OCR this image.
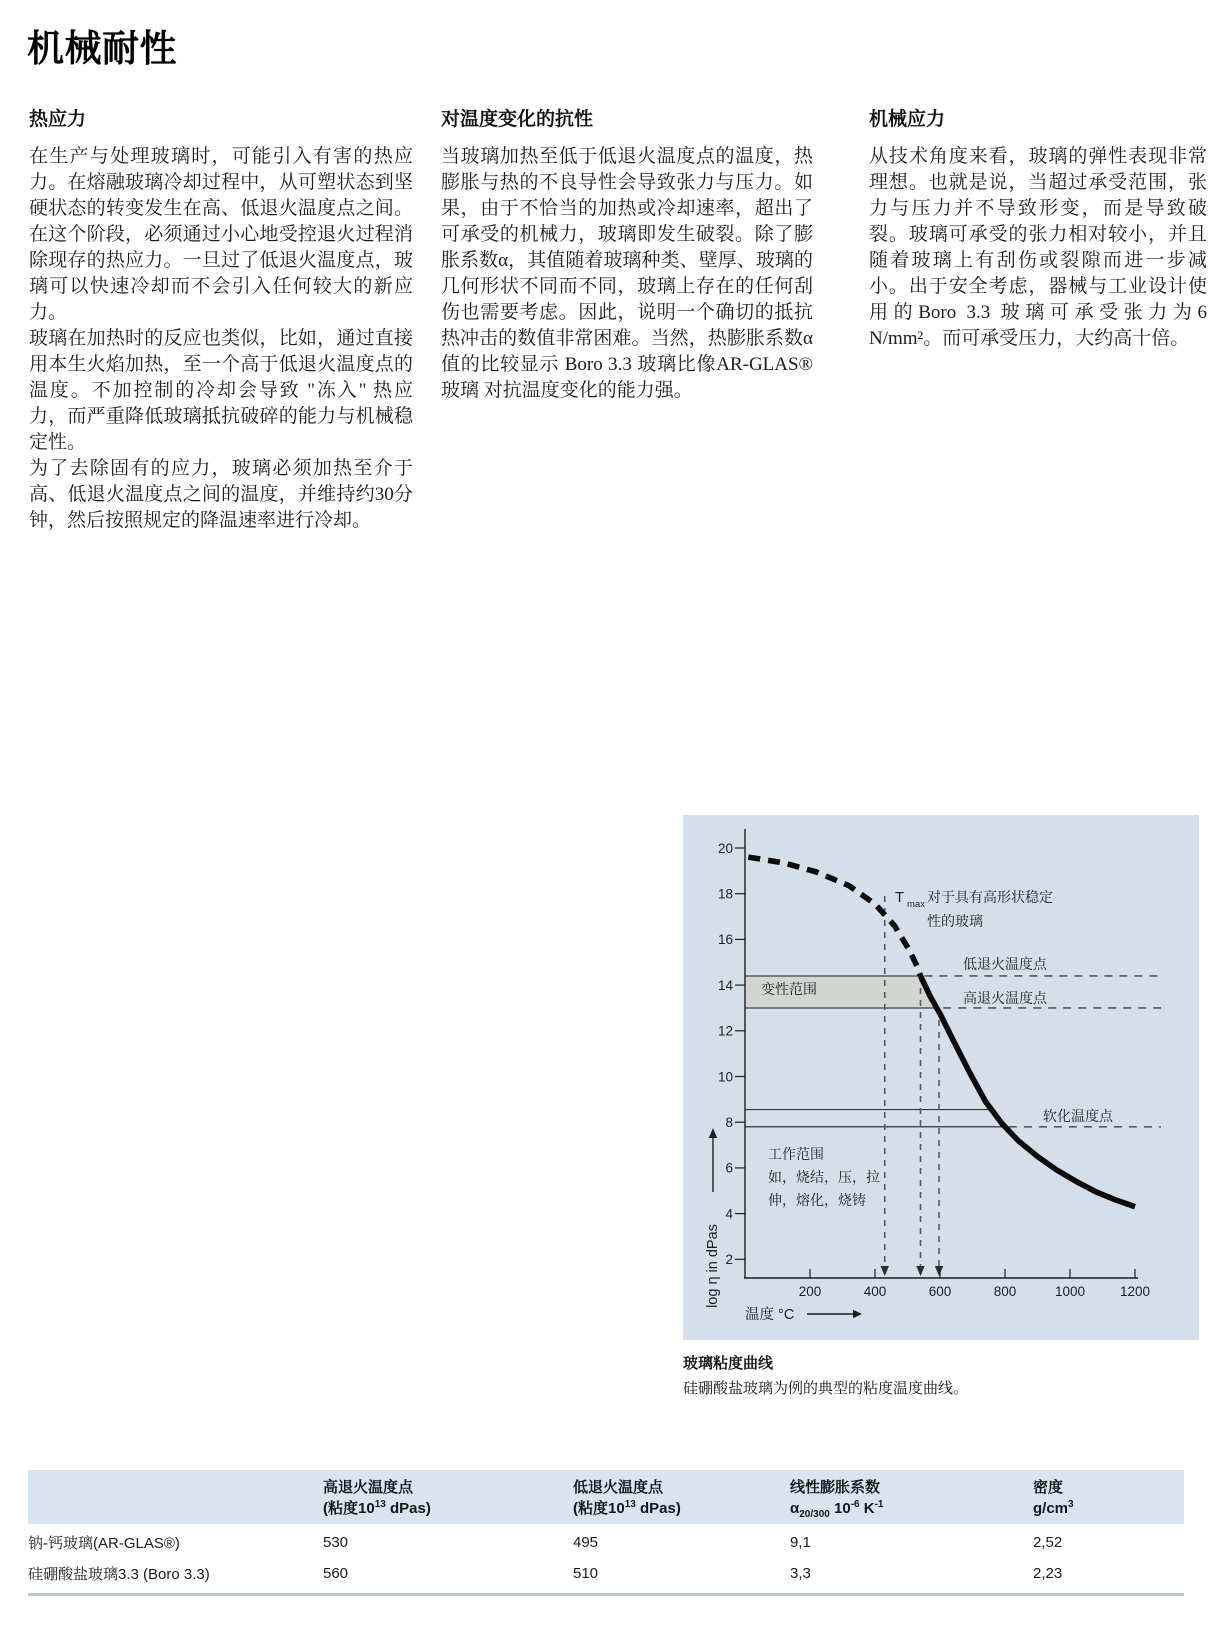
机械耐性
热应力

在生产与处理玻璃时，可能引入有害的热应力。在熔融玻璃冷却过程中，从可塑状态到坚硬状态的转变发生在高、低退火温度点之间。在这个阶段，必须通过小心地受控退火过程消除现存的热应力。一旦过了低退火温度点，玻璃可以快速冷却而不会引入任何较大的新应力。

玻璃在加热时的反应也类似，比如，通过直接用本生火焰加热，至一个高于低退火温度点的温度。不加控制的冷却会导致 "冻入" 热应力，而严重降低玻璃抵抗破碎的能力与机械稳定性。

为了去除固有的应力，玻璃必须加热至介于高、低退火温度点之间的温度，并维持约30分钟，然后按照规定的降温速率进行冷却。

对温度变化的抗性

当玻璃加热至低于低退火温度点的温度，热膨胀与热的不良导性会导致张力与压力。如果，由于不恰当的加热或冷却速率，超出了可承受的机械力，玻璃即发生破裂。除了膨胀系数α，其值随着玻璃种类、壁厚、玻璃的几何形状不同而不同，玻璃上存在的任何刮伤也需要考虑。因此，说明一个确切的抵抗热冲击的数值非常困难。当然，热膨胀系数α值的比较显示 Boro 3.3 玻璃比像AR-GLAS®玻璃 对抗温度变化的能力强。

机械应力

从技术角度来看，玻璃的弹性表现非常理想。也就是说，当超过承受范围，张力与压力并不导致形变，而是导致破裂。玻璃可承受的张力相对较小，并且随着玻璃上有刮伤或裂隙而进一步减小。出于安全考虑，器械与工业设计使用的Boro 3.3 玻璃可承受张力为6 N/mm²。而可承受压力，大约高十倍。

2
4
6
8
10
12
14
16
18
20
200	400	600	800	1000	1200
变性范围
低退火温度点
高退火温度点
软化温度点
工作范围
如，烧结，压，拉
伸，熔化，烧铸
T max 对于具有高形状稳定
性的玻璃
温度 °C
log η in dPas
玻璃粘度曲线
硅硼酸盐玻璃为例的典型的粘度温度曲线。
高退火温度点
(粘度$10^{13}$ dPas)
低退火温度点
(粘度$10^{13}$ dPas)
线性膨胀系数
$\alpha_{20/300}$ $10^{-6}$ $K^{-1}$
密度
$g/cm^3$
钠-钙玻璃(AR-GLAS®)	530	495	9,1	2,52
硅硼酸盐玻璃3.3 (Boro 3.3)	560	510	3,3	2,23
